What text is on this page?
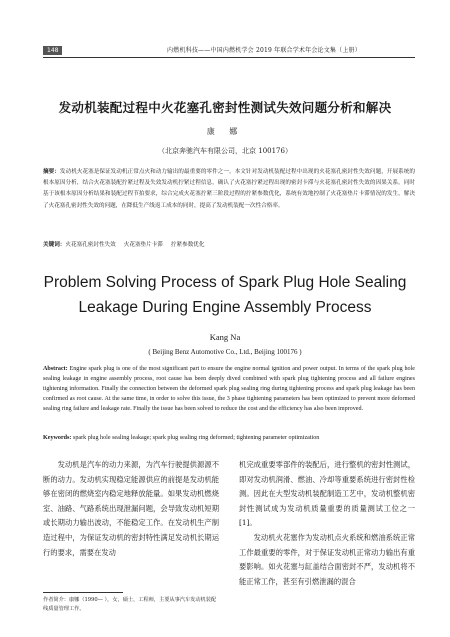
148	内燃机科技——中国内燃机学会 2019 年联合学术年会论文集（上册）
发动机装配过程中火花塞孔密封性测试失效问题分析和解决
康 娜
（北京奔驰汽车有限公司，北京 100176）
摘要：发动机火花塞是保证发动机正常点火和动力输出的最重要的零件之一。本文针对发动机装配过程中出现的火花塞孔密封性失效问题，开展系统的根本原因分析，结合火花塞装配拧紧过程及失效发动机拧紧过程信息，确认了火花塞拧紧过程出现的密封卡滞与火花塞孔密封性失效的因果关系。同时基于该根本原因分析结果和装配过程节拍要求，综合完成火花塞拧紧三阶段过程的拧紧参数优化，系统有效地控制了火花塞垫片卡滞情况的发生，解决了火花塞孔密封性失效的问题，在降低生产线返工成本的同时，提高了发动机装配一次性合格率。
关键词：火花塞孔密封性失效 火花塞垫片卡滞 拧紧参数优化
Problem Solving Process of Spark Plug Hole Sealing
Leakage During Engine Assembly Process
Kang Na
( Beijing Benz Automotive Co., Ltd., Beijing 100176 )
Abstract: Engine spark plug is one of the most significant part to ensure the engine normal ignition and power output. In terms of the spark plug hole sealing leakage in engine assembly process, root cause has been deeply dived combined with spark plug tightening process and all failure engines tightening information. Finally the connection between the deformed spark plug sealing ring during tightening process and spark plug leakage has been confirmed as root cause. At the same time, in order to solve this issue, the 3 phase tightening parameters has been optimized to prevent more deformed sealing ring failure and leakage rate. Finally the issue has been solved to reduce the cost and the efficiency has also been improved.
Keywords: spark plug hole sealing leakage; spark plug sealing ring deformed; tightening parameter optimization

发动机是汽车的动力来源，为汽车行驶提供源源不断的动力。发动机实现稳定能源供应的前提是发动机能够在密闭的燃烧室内稳定地释放能量。如果发动机燃烧室、油路、气路系统出现泄漏问题，会导致发动机短期或长期动力输出波动，不能稳定工作。在发动机生产制造过程中，为保证发动机的密封特性满足发动机长期运行的要求，需要在发动

机完成重要零部件的装配后，进行整机的密封性测试，即对发动机润滑、燃油、冷却等重要系统进行密封性检测。因此在大型发动机装配制造工艺中，发动机整机密封性测试成为发动机质量重要的质量测试工位之一[1]。

发动机火花塞作为发动机点火系统和燃油系统正常工作最重要的零件，对于保证发动机正常动力输出有重要影响。如火花塞与缸盖结合面密封不严，发动机将不能正常工作，甚至有引燃泄漏的混合

作者简介：康娜（1990— ），女，硕士，工程师，主要从事汽车发动机装配线质量管理工作。
